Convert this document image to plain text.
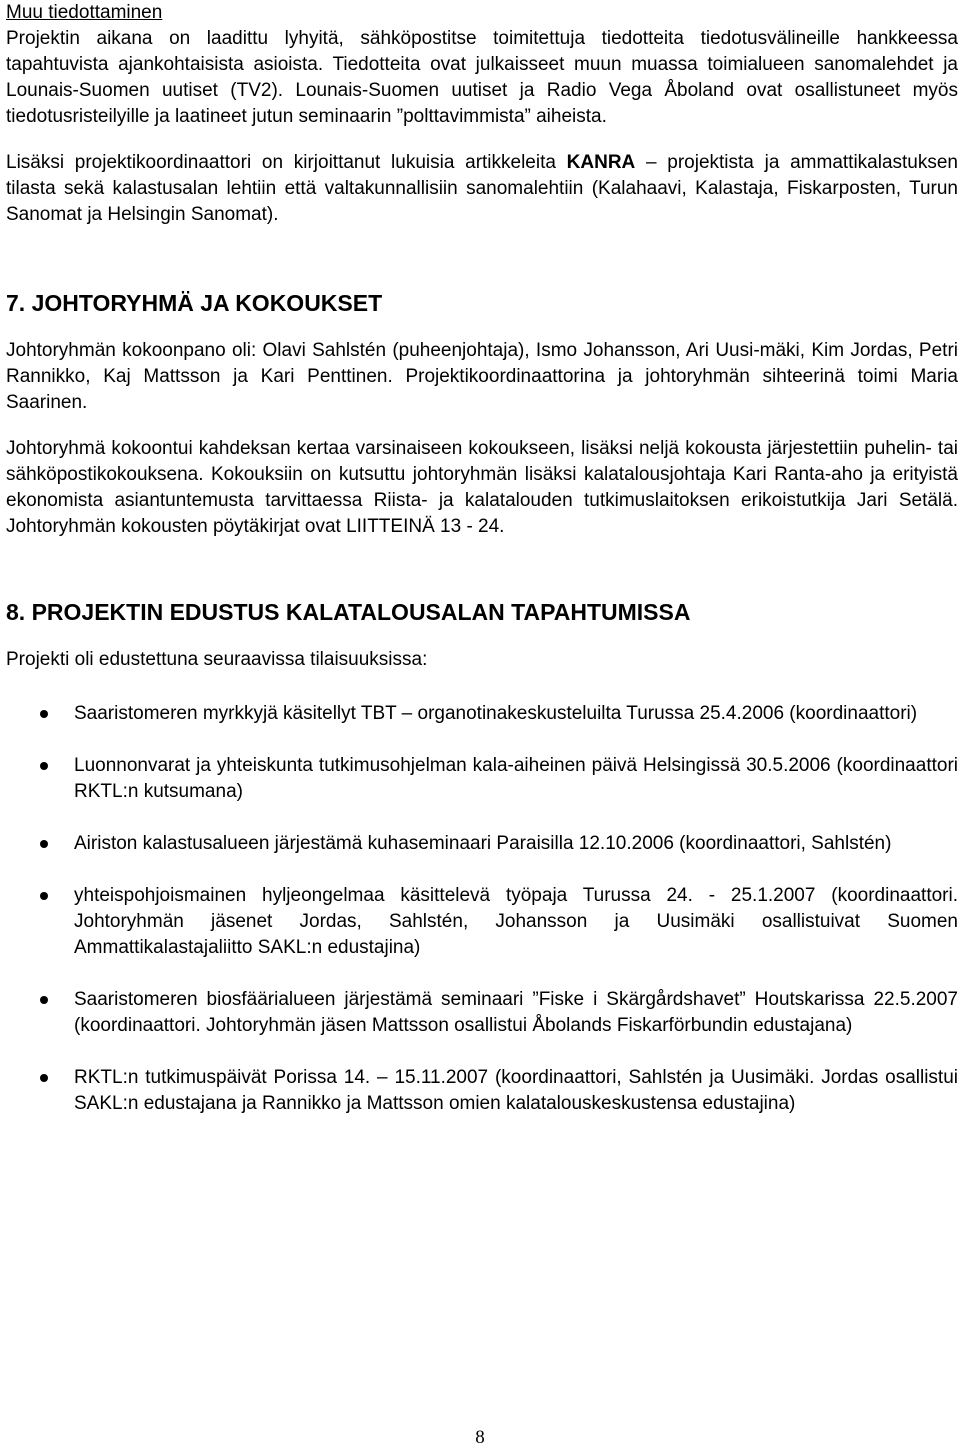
Muu tiedottaminen

Projektin aikana on laadittu lyhyitä, sähköpostitse toimitettuja tiedotteita tiedotusvälineille hankkeessa tapahtuvista ajankohtaisista asioista. Tiedotteita ovat julkaisseet muun muassa toimialueen sanomalehdet ja Lounais-Suomen uutiset (TV2). Lounais-Suomen uutiset ja Radio Vega Åboland ovat osallistuneet myös tiedotusristeilyille ja laatineet jutun seminaarin ”polttavimmista” aiheista.

Lisäksi projektikoordinaattori on kirjoittanut lukuisia artikkeleita KANRA – projektista ja ammattikalastuksen tilasta sekä kalastusalan lehtiin että valtakunnallisiin sanomalehtiin (Kalahaavi, Kalastaja, Fiskarposten, Turun Sanomat ja Helsingin Sanomat).

7. JOHTORYHMÄ JA KOKOUKSET

Johtoryhmän kokoonpano oli: Olavi Sahlstén (puheenjohtaja), Ismo Johansson, Ari Uusi-mäki, Kim Jordas, Petri Rannikko, Kaj Mattsson ja Kari Penttinen. Projektikoordinaattorina ja johtoryhmän sihteerinä toimi Maria Saarinen.

Johtoryhmä kokoontui kahdeksan kertaa varsinaiseen kokoukseen, lisäksi neljä kokousta järjestettiin puhelin- tai sähköpostikokouksena. Kokouksiin on kutsuttu johtoryhmän lisäksi kalatalousjohtaja Kari Ranta-aho ja erityistä ekonomista asiantuntemusta tarvittaessa Riista- ja kalatalouden tutkimuslaitoksen erikoistutkija Jari Setälä. Johtoryhmän kokousten pöytäkirjat ovat LIITTEINÄ 13 - 24.

8. PROJEKTIN EDUSTUS KALATALOUSALAN TAPAHTUMISSA

Projekti oli edustettuna seuraavissa tilaisuuksissa:

Saaristomeren myrkkyjä käsitellyt TBT – organotinakeskusteluilta Turussa 25.4.2006 (koordinaattori)
Luonnonvarat ja yhteiskunta tutkimusohjelman kala-aiheinen päivä Helsingissä 30.5.2006 (koordinaattori RKTL:n kutsumana)
Airiston kalastusalueen järjestämä kuhaseminaari Paraisilla 12.10.2006 (koordinaattori, Sahlstén)
yhteispohjoismainen hyljeongelmaa käsittelevä työpaja Turussa 24. - 25.1.2007 (koordinaattori. Johtoryhmän jäsenet Jordas, Sahlstén, Johansson ja Uusimäki osallistuivat Suomen Ammattikalastajaliitto SAKL:n edustajina)
Saaristomeren biosfäärialueen järjestämä seminaari ”Fiske i Skärgårdshavet” Houtskarissa 22.5.2007 (koordinaattori. Johtoryhmän jäsen Mattsson osallistui Åbolands Fiskarförbundin edustajana)
RKTL:n tutkimuspäivät Porissa 14. – 15.11.2007 (koordinaattori, Sahlstén ja Uusimäki. Jordas osallistui SAKL:n edustajana ja Rannikko ja Mattsson omien kalatalouskeskustensa edustajina)
8
